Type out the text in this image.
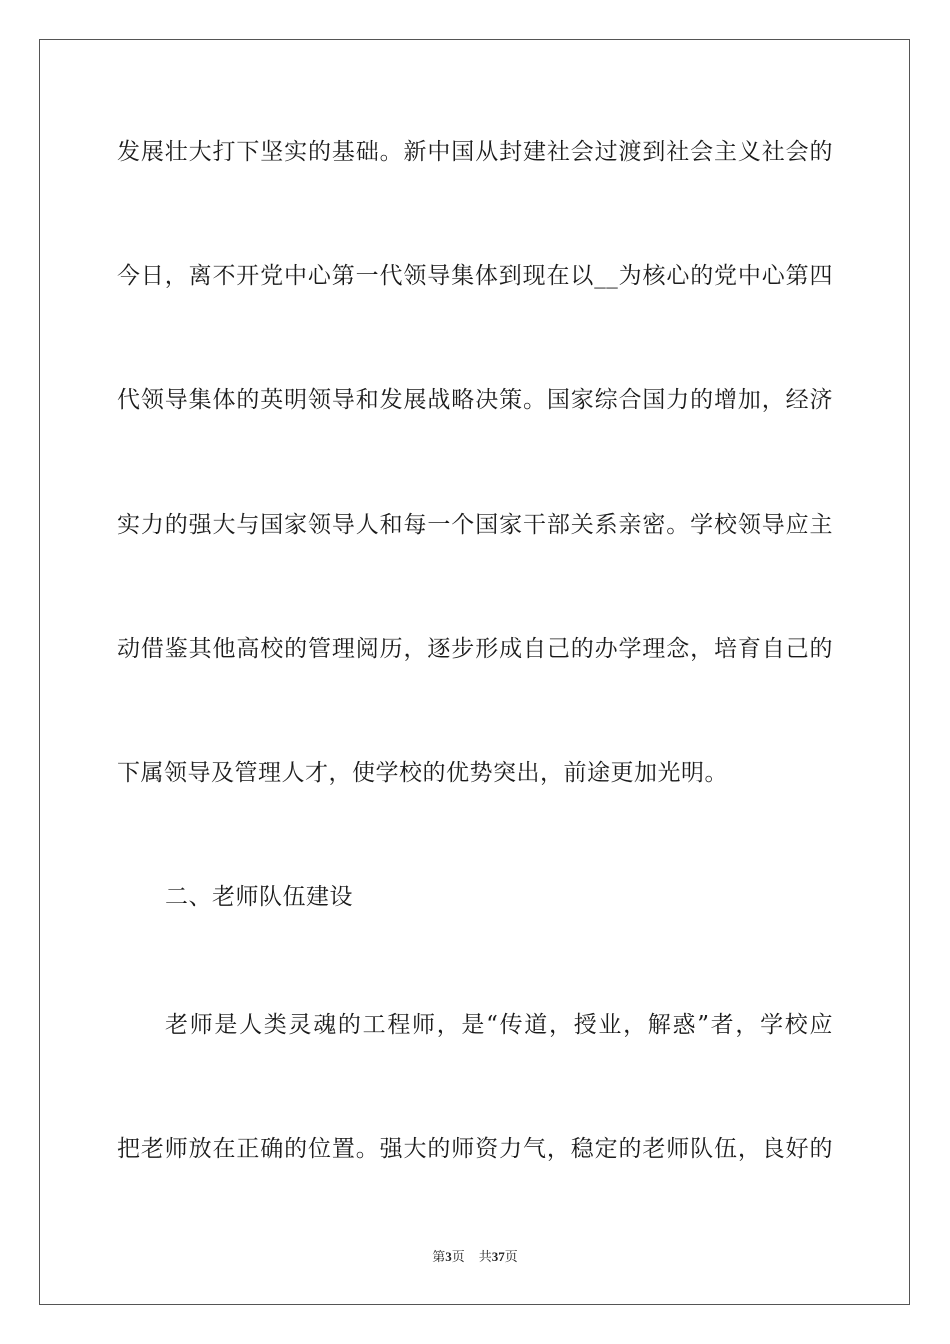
发展壮大打下坚实的基础。新中国从封建社会过渡到社会主义社会的
今日，离不开党中心第一代领导集体到现在以__为核心的党中心第四
代领导集体的英明领导和发展战略决策。国家综合国力的增加，经济
实力的强大与国家领导人和每一个国家干部关系亲密。学校领导应主
动借鉴其他高校的管理阅历，逐步形成自己的办学理念，培育自己的
下属领导及管理人才，使学校的优势突出，前途更加光明。
二、老师队伍建设
老师是人类灵魂的工程师，是“传道，授业，解惑”者，学校应
把老师放在正确的位置。强大的师资力气，稳定的老师队伍，良好的
第3页 共37页
